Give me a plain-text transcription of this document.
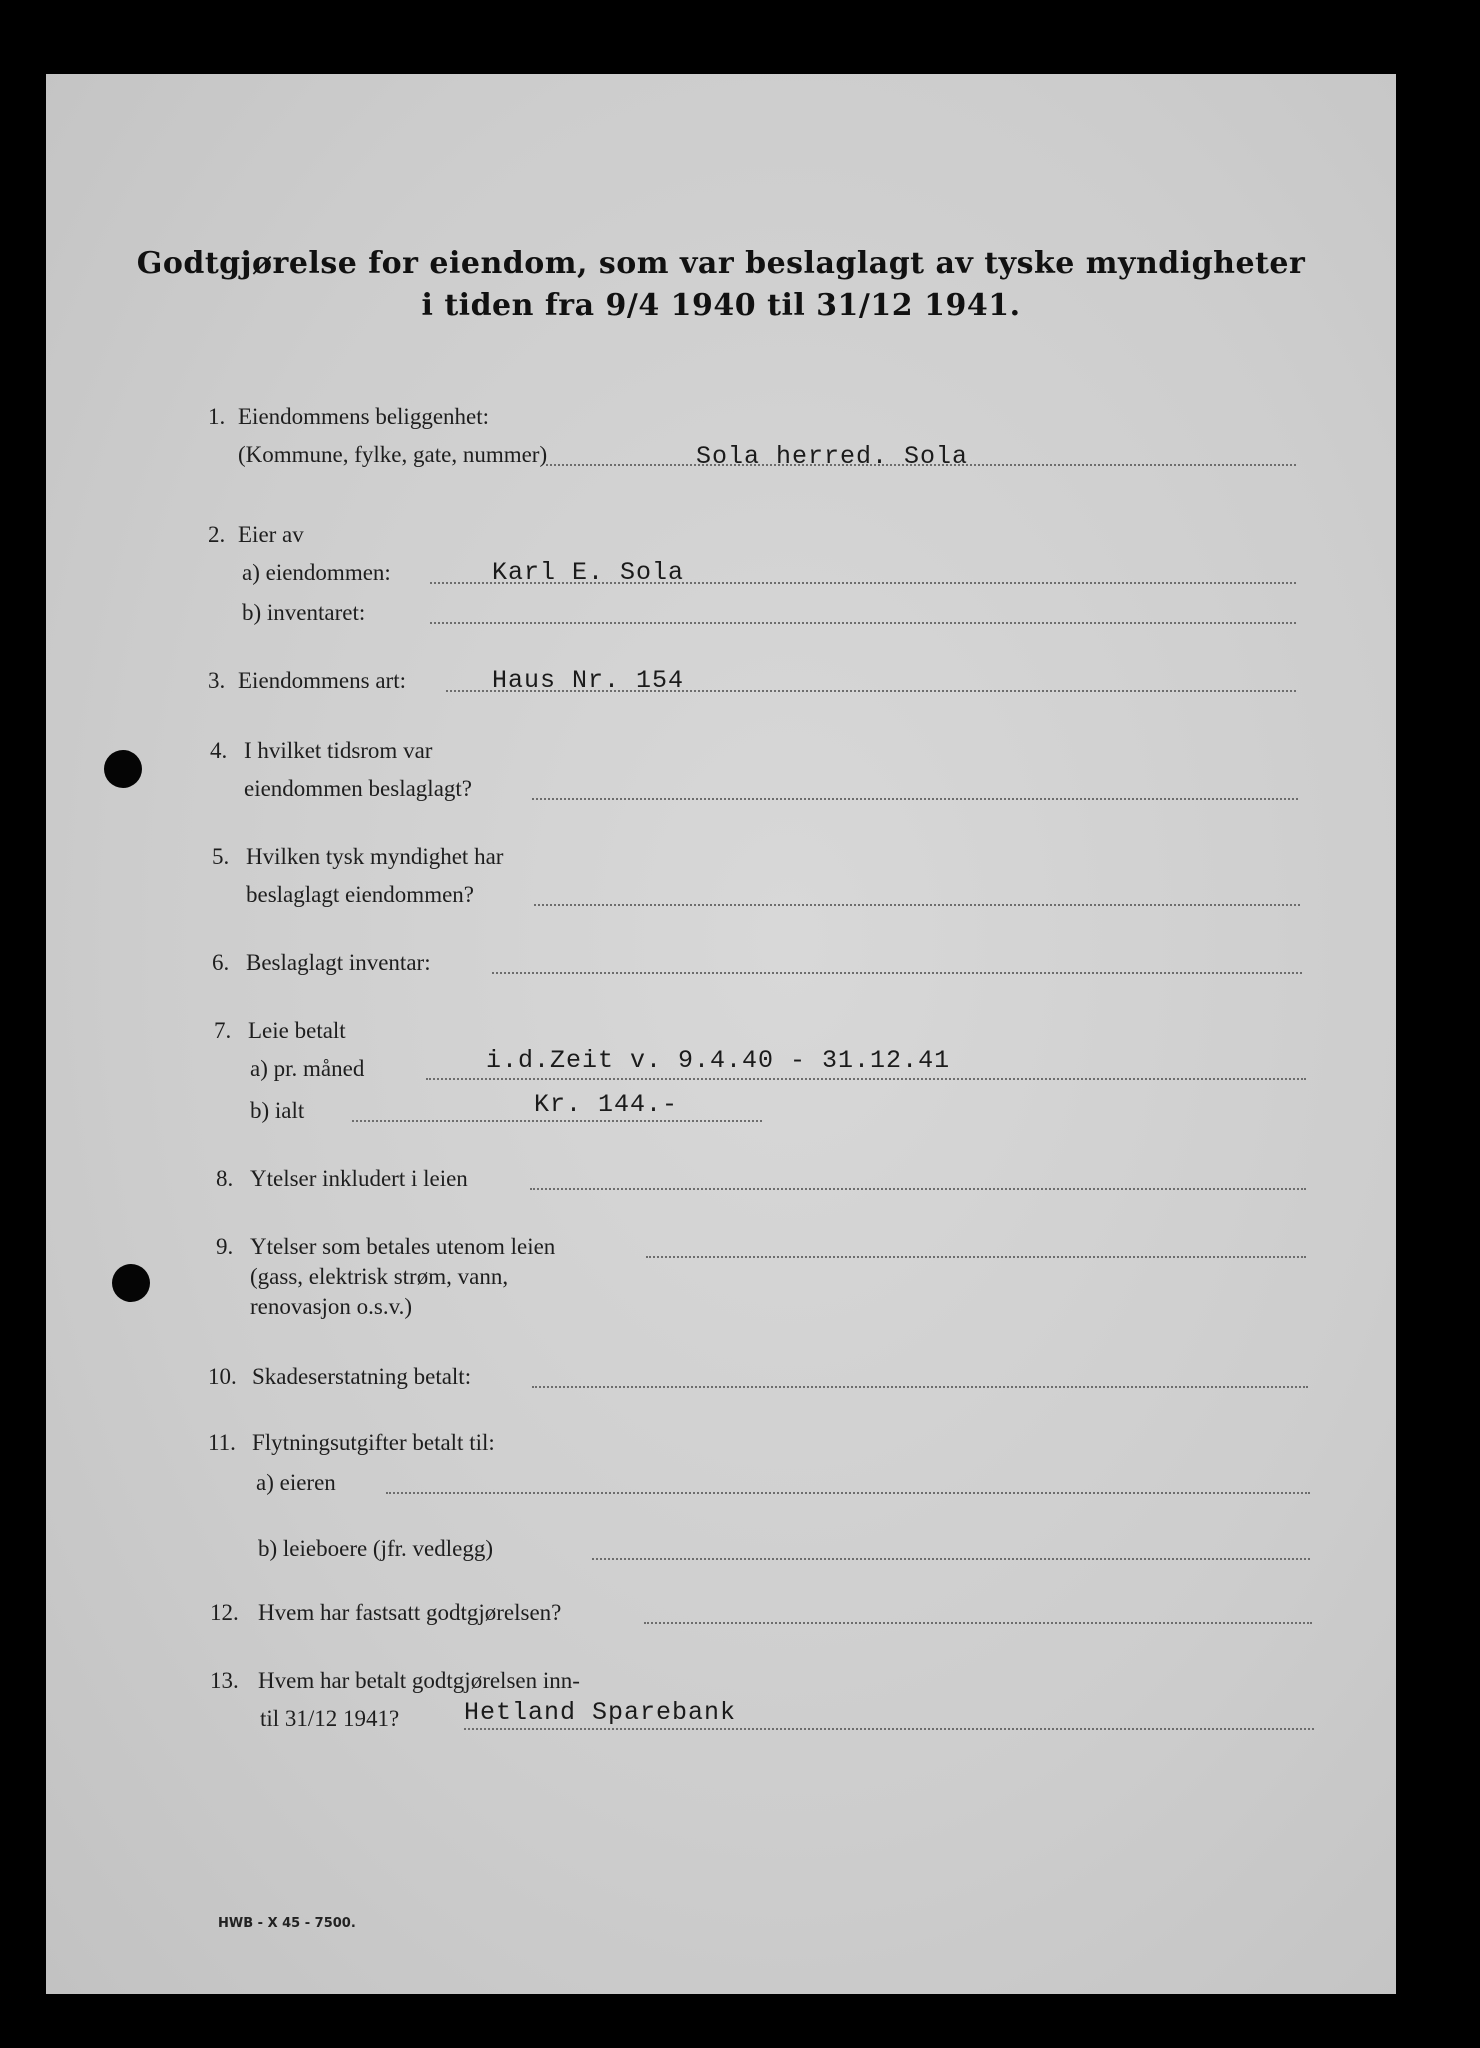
Godtgjørelse for eiendom, som var beslaglagt av tyske myndigheter
i tiden fra 9/4 1940 til 31/12 1941.
1. Eiendommens beliggenhet:
(Kommune, fylke, gate, nummer)	Sola herred. Sola
2. Eier av
a) eiendommen:	Karl E. Sola
b) inventaret:
3. Eiendommens art:	Haus Nr. 154
4. I hvilket tidsrom var
eiendommen beslaglagt?
5. Hvilken tysk myndighet har
beslaglagt eiendommen?
6. Beslaglagt inventar:
7. Leie betalt
a) pr. måned	i.d.Zeit v. 9.4.40 - 31.12.41
b) ialt	Kr. 144.-
8. Ytelser inkludert i leien
9. Ytelser som betales utenom leien
(gass, elektrisk strøm, vann,
renovasjon o.s.v.)
10. Skadeserstatning betalt:
11. Flytningsutgifter betalt til:
a) eieren
b) leieboere (jfr. vedlegg)
12. Hvem har fastsatt godtgjørelsen?
13. Hvem har betalt godtgjørelsen inn-
til 31/12 1941?	Hetland Sparebank
HWB - X 45 - 7500.
